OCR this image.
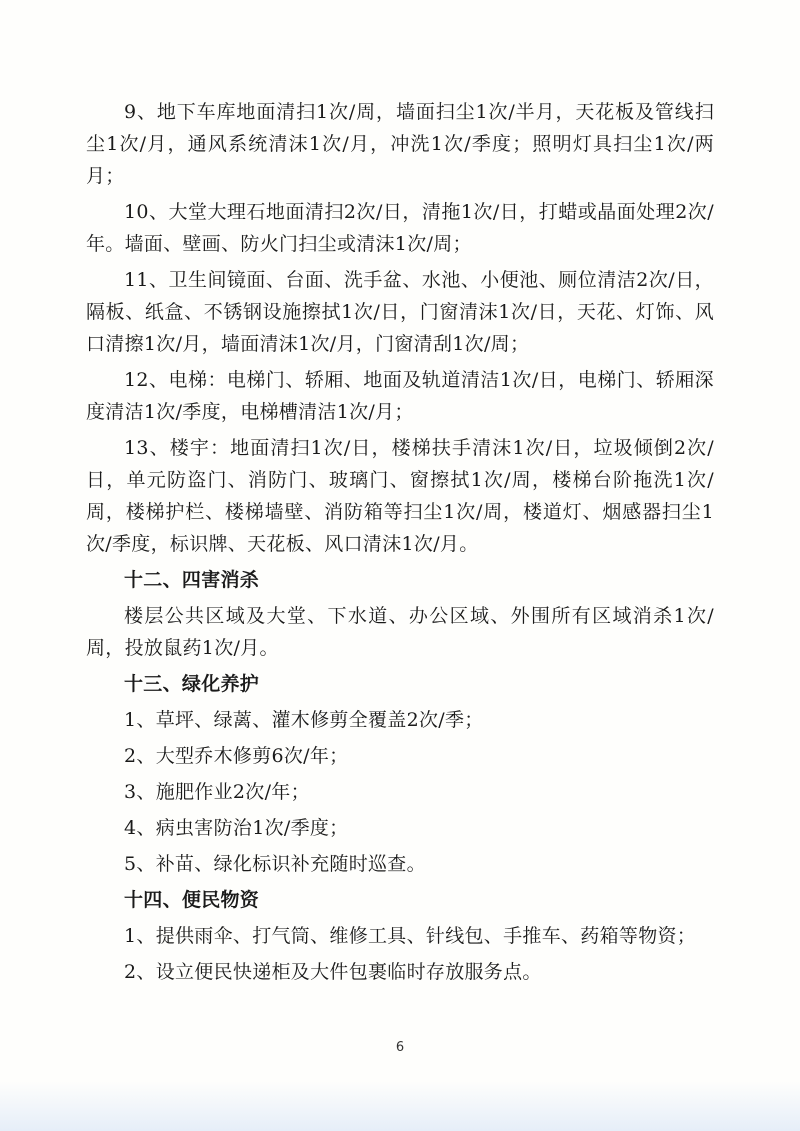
9、地下车库地面清扫1次/周，墙面扫尘1次/半月，天花板及管线扫尘1次/月，通风系统清沫1次/月，冲洗1次/季度；照明灯具扫尘1次/两月；

10、大堂大理石地面清扫2次/日，清拖1次/日，打蜡或晶面处理2次/年。墙面、壁画、防火门扫尘或清沫1次/周；

11、卫生间镜面、台面、洗手盆、水池、小便池、厕位清洁2次/日，隔板、纸盒、不锈钢设施擦拭1次/日，门窗清沫1次/日，天花、灯饰、风口清擦1次/月，墙面清沫1次/月，门窗清刮1次/周；

12、电梯：电梯门、轿厢、地面及轨道清洁1次/日，电梯门、轿厢深度清洁1次/季度，电梯槽清洁1次/月；

13、楼宇：地面清扫1次/日，楼梯扶手清沫1次/日，垃圾倾倒2次/日，单元防盗门、消防门、玻璃门、窗擦拭1次/周，楼梯台阶拖洗1次/周，楼梯护栏、楼梯墙壁、消防箱等扫尘1次/周，楼道灯、烟感器扫尘1次/季度，标识牌、天花板、风口清沫1次/月。

十二、四害消杀

楼层公共区域及大堂、下水道、办公区域、外围所有区域消杀1次/周，投放鼠药1次/月。

十三、绿化养护

1、草坪、绿蓠、灌木修剪全覆盖2次/季；

2、大型乔木修剪6次/年；

3、施肥作业2次/年；

4、病虫害防治1次/季度；

5、补苗、绿化标识补充随时巡查。

十四、便民物资

1、提供雨伞、打气筒、维修工具、针线包、手推车、药箱等物资；

2、设立便民快递柜及大件包裹临时存放服务点。

6
